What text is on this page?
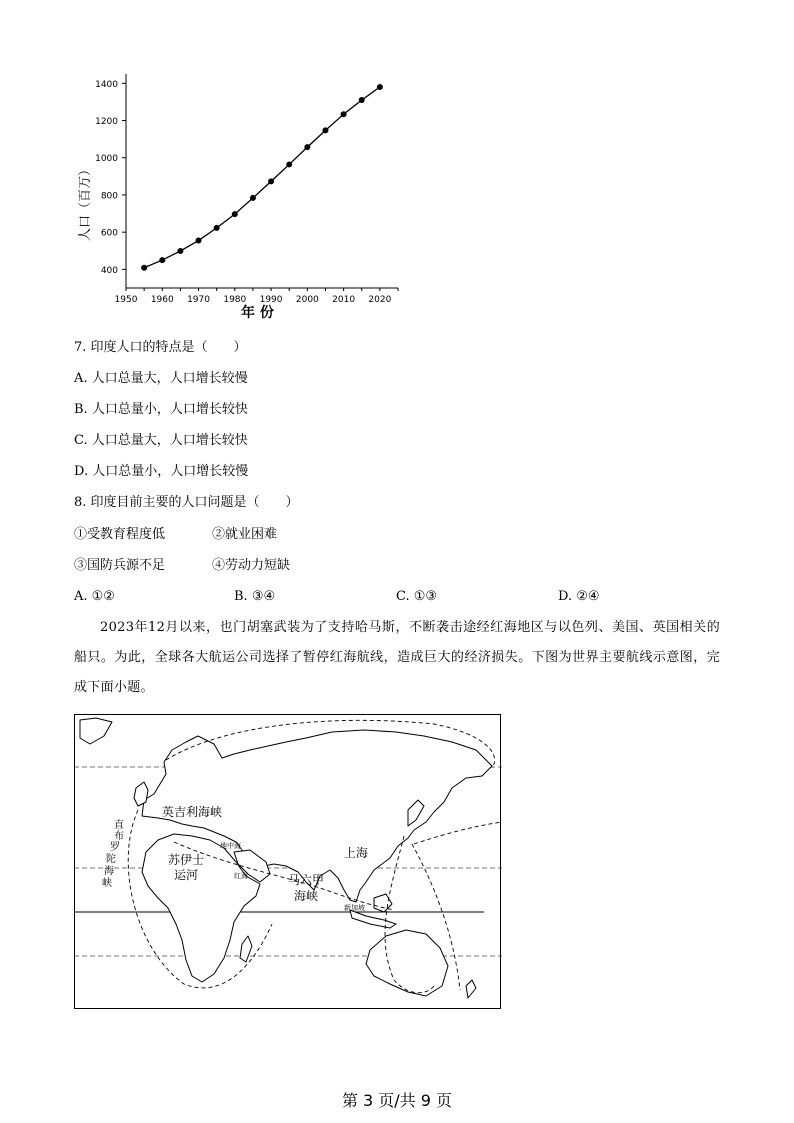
400
600
800
1000
1200
1400
1950 1960 1970 1980 1990 2000 2010 2020
人口（百万）
年 份
7. 印度人口的特点是（　　）
A. 人口总量大，人口增长较慢
B. 人口总量小，人口增长较快
C. 人口总量大，人口增长较快
D. 人口总量小，人口增长较慢
8. 印度目前主要的人口问题是（　　）
①受教育程度低	②就业困难
③国防兵源不足	④劳动力短缺
A. ①②	B. ③④	C. ①③	D. ②④
2023年12月以来，也门胡塞武装为了支持哈马斯，不断袭击途经红海地区与以色列、美国、英国相关的船只。为此，全球各大航运公司选择了暂停红海航线，造成巨大的经济损失。下图为世界主要航线示意图，完成下面小题。
英吉利海峡
直
布
罗
陀
海
峡
地中海
苏伊士
运河	红海
上海
马六甲
海峡
新加坡
第 3 页/共 9 页
